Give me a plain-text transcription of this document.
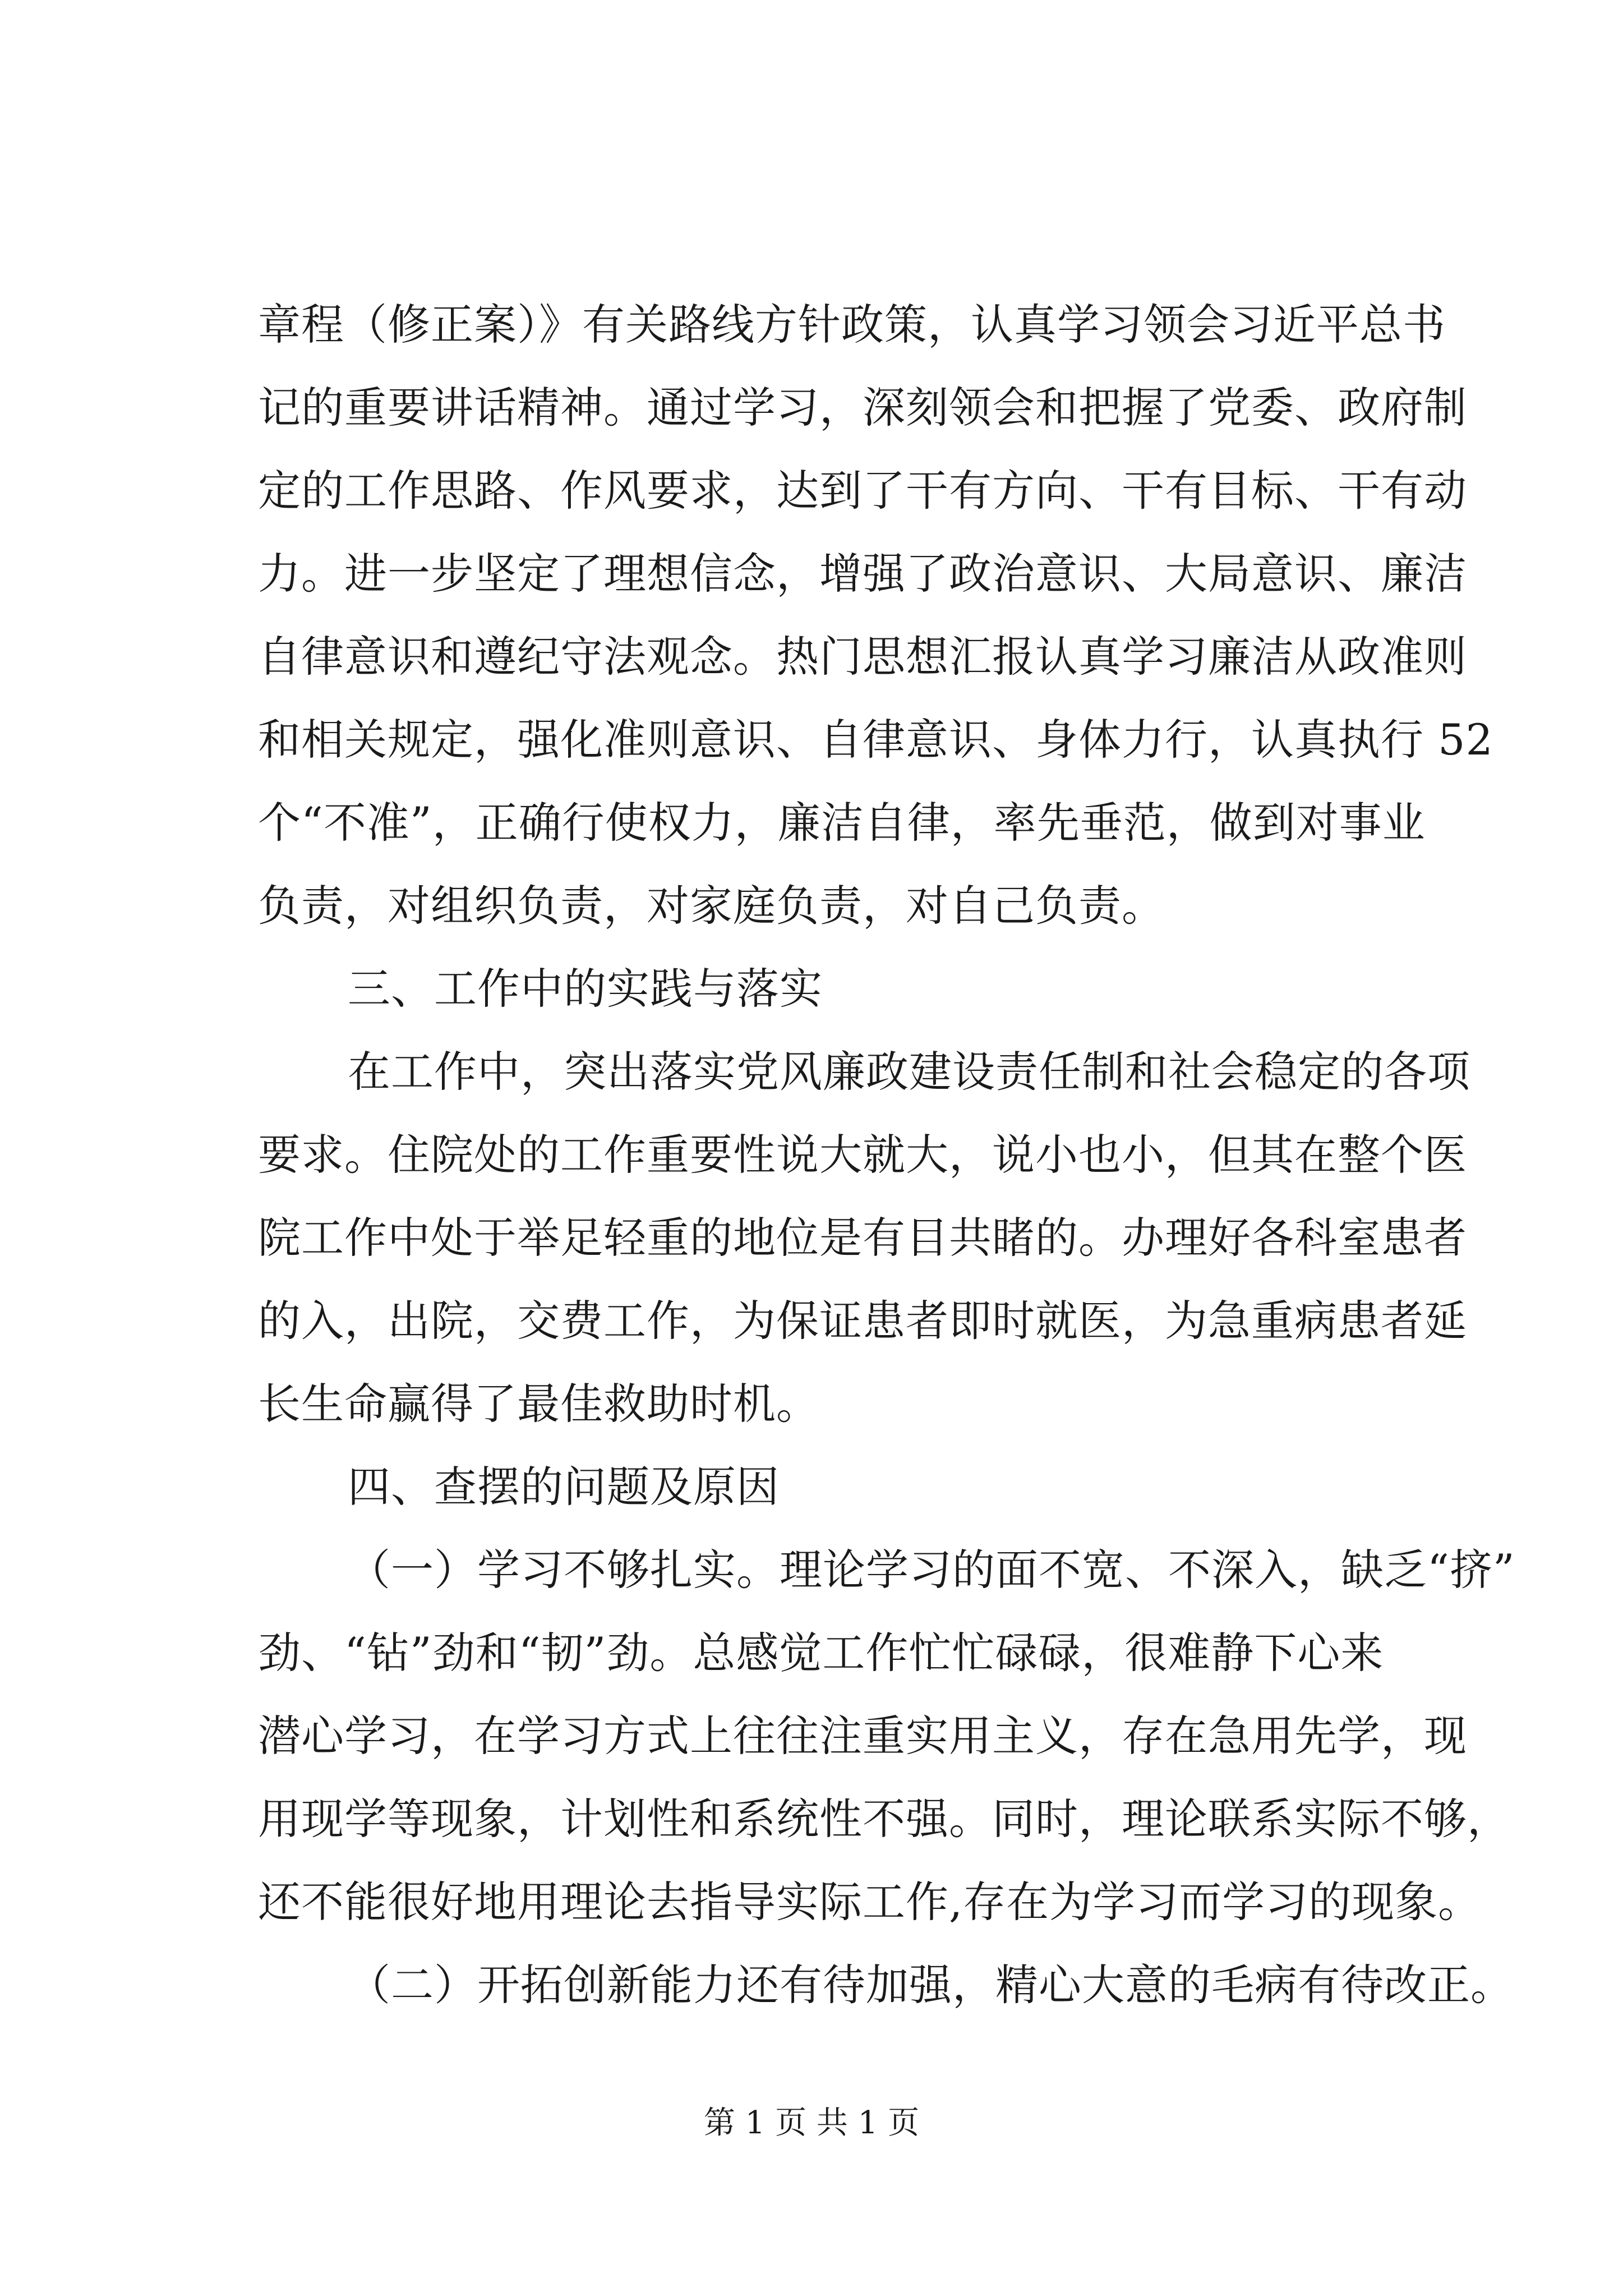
章程（修正案）》有关路线方针政策，认真学习领会习近平总书
记的重要讲话精神。通过学习，深刻领会和把握了党委、政府制
定的工作思路、作风要求，达到了干有方向、干有目标、干有动
力。进一步坚定了理想信念，增强了政治意识、大局意识、廉洁
自律意识和遵纪守法观念。热门思想汇报认真学习廉洁从政准则
和相关规定，强化准则意识、自律意识、身体力行，认真执行 52
个“不准”，正确行使权力，廉洁自律，率先垂范，做到对事业
负责，对组织负责，对家庭负责，对自己负责。
三、工作中的实践与落实
在工作中，突出落实党风廉政建设责任制和社会稳定的各项
要求。住院处的工作重要性说大就大，说小也小，但其在整个医
院工作中处于举足轻重的地位是有目共睹的。办理好各科室患者
的入，出院，交费工作，为保证患者即时就医，为急重病患者延
长生命赢得了最佳救助时机。
四、查摆的问题及原因
（一）学习不够扎实。理论学习的面不宽、不深入，缺乏“挤”
劲、“钻”劲和“韧”劲。总感觉工作忙忙碌碌，很难静下心来
潜心学习，在学习方式上往往注重实用主义，存在急用先学，现
用现学等现象，计划性和系统性不强。同时，理论联系实际不够，
还不能很好地用理论去指导实际工作,存在为学习而学习的现象。
（二）开拓创新能力还有待加强，精心大意的毛病有待改正。
第 1 页 共 1 页
